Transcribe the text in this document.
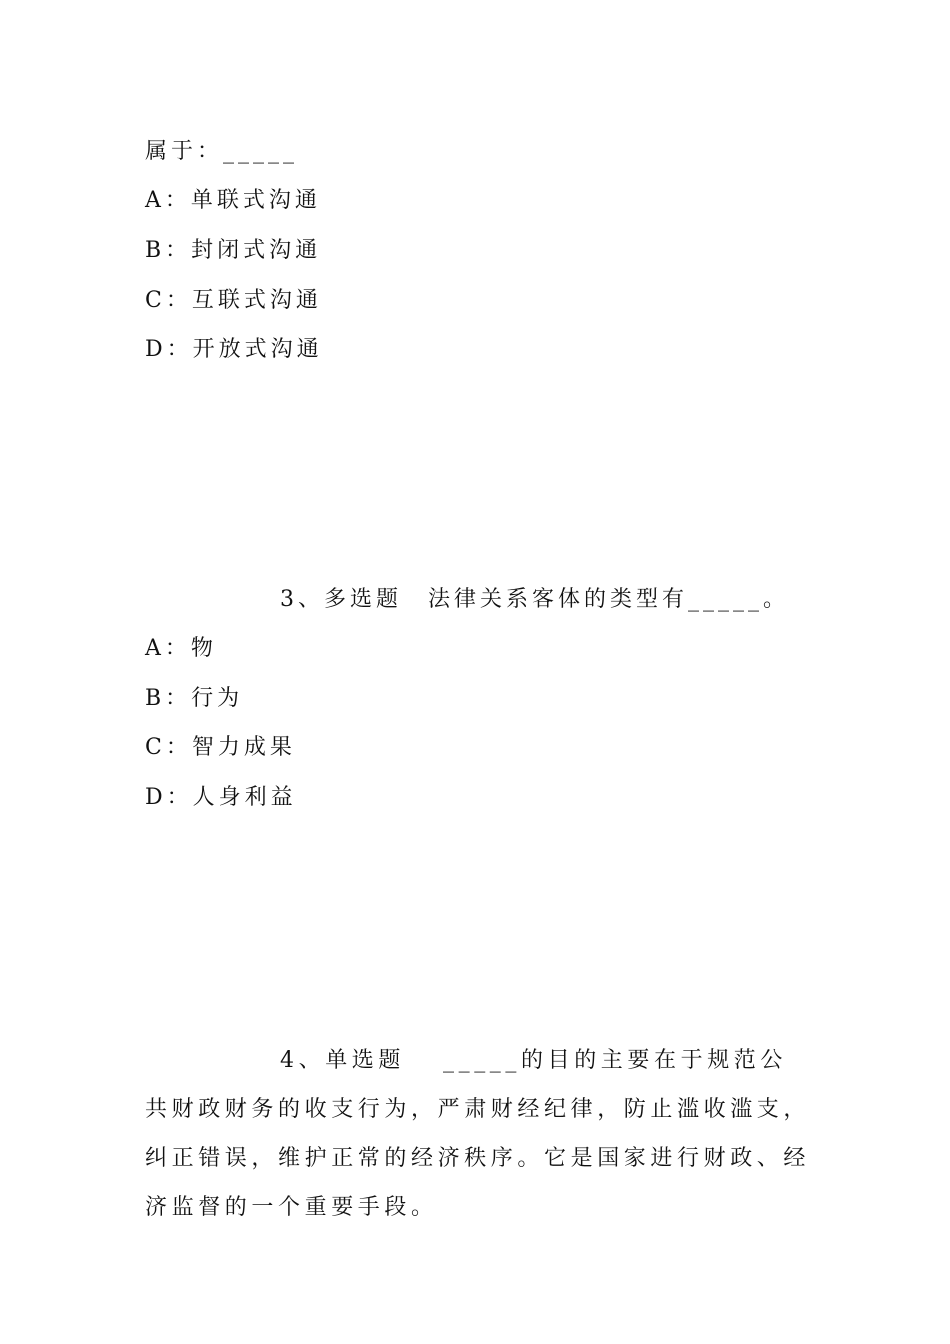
属于：_____
A：单联式沟通
B：封闭式沟通
C：互联式沟通
D：开放式沟通
3、多选题 法律关系客体的类型有_____。
A：物
B：行为
C：智力成果
D：人身利益
4、单选题 _____的目的主要在于规范公共财政财务的收支行为，严肃财经纪律，防止滥收滥支，纠正错误，维护正常的经济秩序。它是国家进行财政、经济监督的一个重要手段。
